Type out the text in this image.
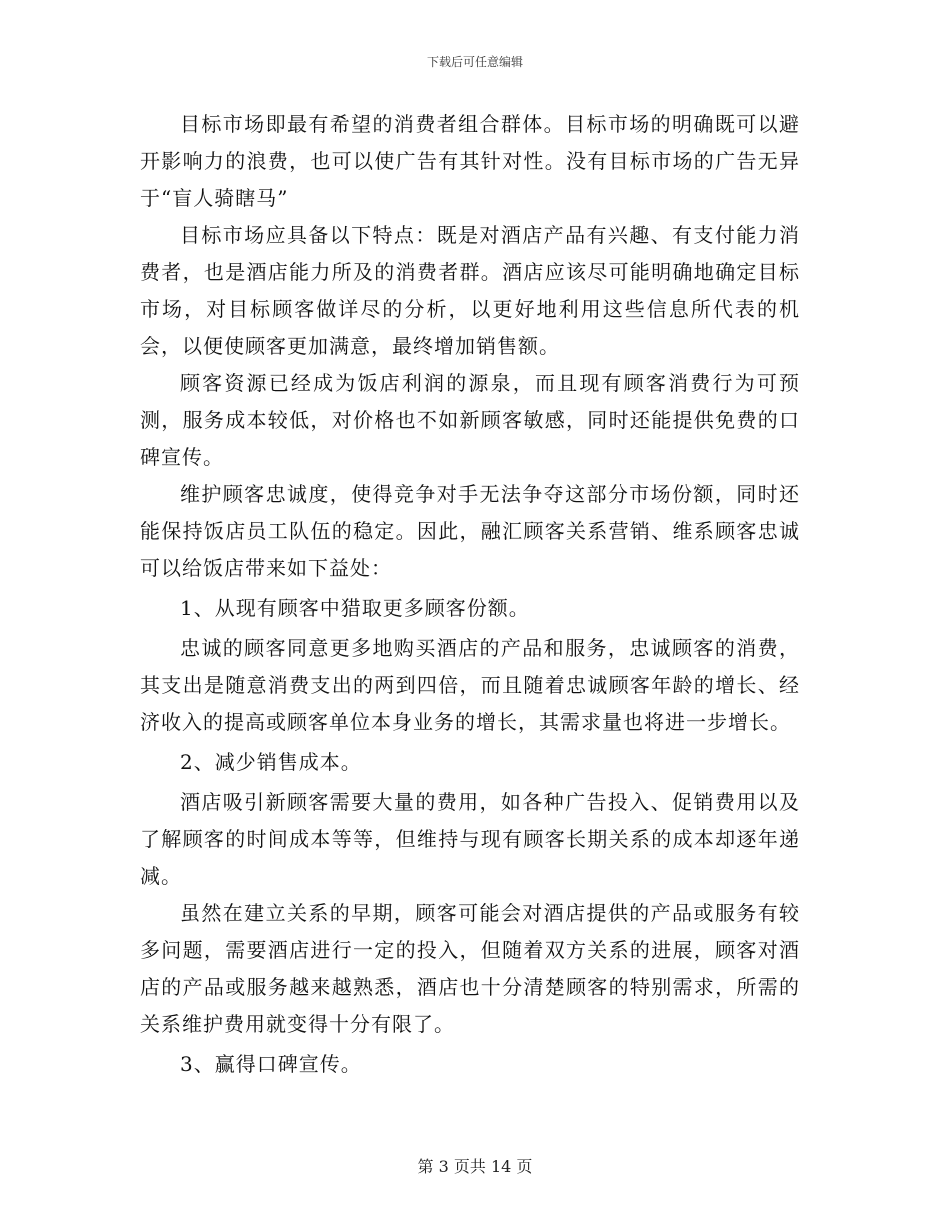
下载后可任意编辑

目标市场即最有希望的消费者组合群体。目标市场的明确既可以避开影响力的浪费，也可以使广告有其针对性。没有目标市场的广告无异于“盲人骑瞎马”

目标市场应具备以下特点：既是对酒店产品有兴趣、有支付能力消费者，也是酒店能力所及的消费者群。酒店应该尽可能明确地确定目标市场，对目标顾客做详尽的分析，以更好地利用这些信息所代表的机会，以便使顾客更加满意，最终增加销售额。

顾客资源已经成为饭店利润的源泉，而且现有顾客消费行为可预测，服务成本较低，对价格也不如新顾客敏感，同时还能提供免费的口碑宣传。

维护顾客忠诚度，使得竞争对手无法争夺这部分市场份额，同时还能保持饭店员工队伍的稳定。因此，融汇顾客关系营销、维系顾客忠诚可以给饭店带来如下益处：

1、从现有顾客中猎取更多顾客份额。

忠诚的顾客同意更多地购买酒店的产品和服务，忠诚顾客的消费，其支出是随意消费支出的两到四倍，而且随着忠诚顾客年龄的增长、经济收入的提高或顾客单位本身业务的增长，其需求量也将进一步增长。

2、减少销售成本。

酒店吸引新顾客需要大量的费用，如各种广告投入、促销费用以及了解顾客的时间成本等等，但维持与现有顾客长期关系的成本却逐年递减。

虽然在建立关系的早期，顾客可能会对酒店提供的产品或服务有较多问题，需要酒店进行一定的投入，但随着双方关系的进展，顾客对酒店的产品或服务越来越熟悉，酒店也十分清楚顾客的特别需求，所需的关系维护费用就变得十分有限了。

3、赢得口碑宣传。

第 3 页共 14 页
